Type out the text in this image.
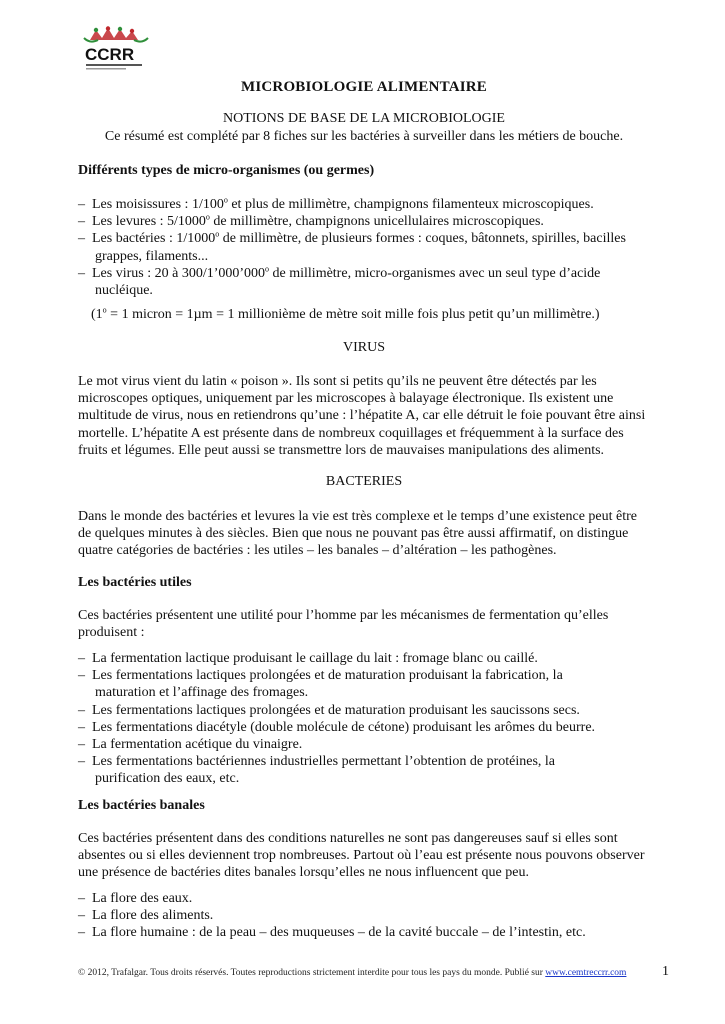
CCRR
MICROBIOLOGIE ALIMENTAIRE
NOTIONS DE BASE DE LA MICROBIOLOGIE
Ce résumé est complété par 8 fiches sur les bactéries à surveiller dans les métiers de bouche.
Différents types de micro-organismes (ou germes)
– Les moisissures : 1/100$^o$ et plus de millimètre, champignons filamenteux microscopiques.
– Les levures : 5/1000$^o$ de millimètre, champignons unicellulaires microscopiques.
– Les bactéries : 1/1000$^o$ de millimètre, de plusieurs formes : coques, bâtonnets, spirilles, bacilles
grappes, filaments...
– Les virus : 20 à 300/1’000’000$^o$ de millimètre, micro-organismes avec un seul type d’acide
nucléique.
($1^o = 1$ micron = 1µm = 1 millionième de mètre soit mille fois plus petit qu’un millimètre.)
VIRUS

Le mot virus vient du latin « poison ». Ils sont si petits qu’ils ne peuvent être détectés par les microscopes optiques, uniquement par les microscopes à balayage électronique. Ils existent une multitude de virus, nous en retiendrons qu’une : l’hépatite A, car elle détruit le foie pouvant être ainsi mortelle. L’hépatite A est présente dans de nombreux coquillages et fréquemment à la surface des fruits et légumes. Elle peut aussi se transmettre lors de mauvaises manipulations des aliments.

BACTERIES

Dans le monde des bactéries et levures la vie est très complexe et le temps d’une existence peut être de quelques minutes à des siècles. Bien que nous ne pouvant pas être aussi affirmatif, on distingue quatre catégories de bactéries : les utiles – les banales – d’altération – les pathogènes.

Les bactéries utiles

Ces bactéries présentent une utilité pour l’homme par les mécanismes de fermentation qu’elles produisent :

– La fermentation lactique produisant le caillage du lait : fromage blanc ou caillé.
– Les fermentations lactiques prolongées et de maturation produisant la fabrication, la
maturation et l’affinage des fromages.
– Les fermentations lactiques prolongées et de maturation produisant les saucissons secs.
– Les fermentations diacétyle (double molécule de cétone) produisant les arômes du beurre.
– La fermentation acétique du vinaigre.
– Les fermentations bactériennes industrielles permettant l’obtention de protéines, la
purification des eaux, etc.
Les bactéries banales

Ces bactéries présentent dans des conditions naturelles ne sont pas dangereuses sauf si elles sont absentes ou si elles deviennent trop nombreuses. Partout où l’eau est présente nous pouvons observer une présence de bactéries dites banales lorsqu’elles ne nous influencent que peu.

– La flore des eaux.
– La flore des aliments.
– La flore humaine : de la peau – des muqueuses – de la cavité buccale – de l’intestin, etc.
© 2012, Trafalgar. Tous droits réservés. Toutes reproductions strictement interdite pour tous les pays du monde. Publié sur www.cemtreccrr.com	1
